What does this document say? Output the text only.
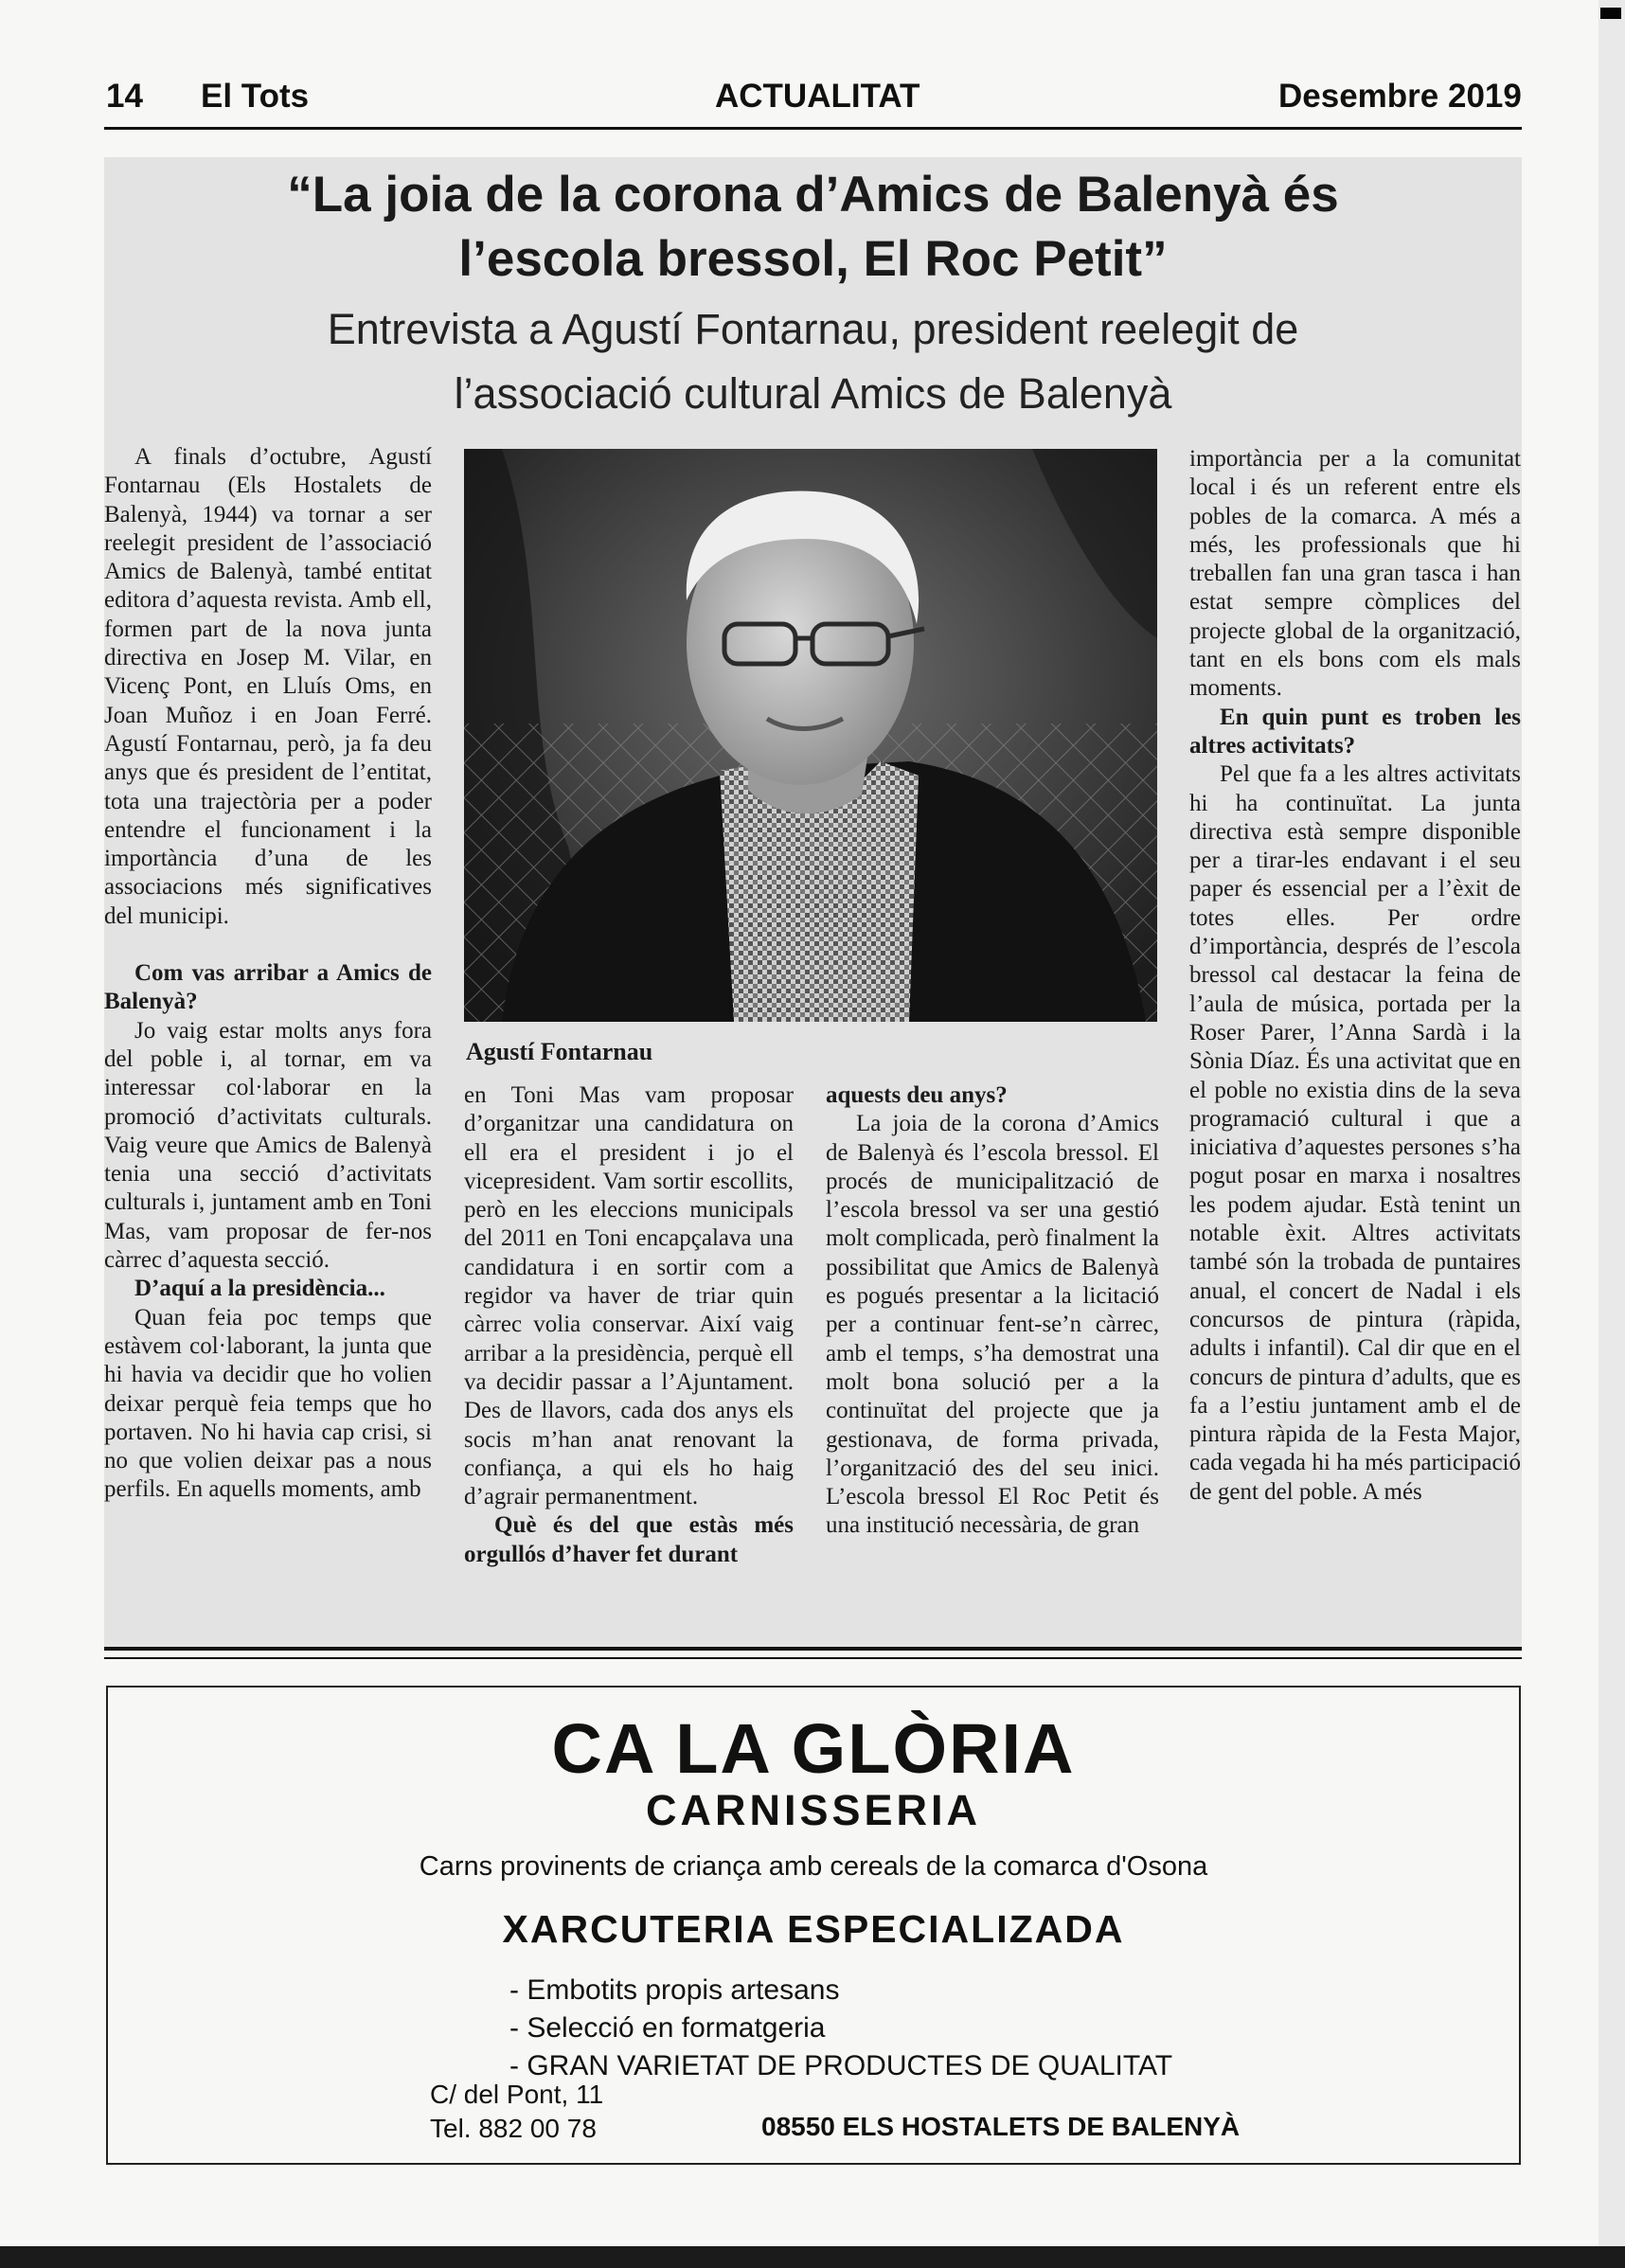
14 El Tots	ACTUALITAT	Desembre 2019
“La joia de la corona d’Amics de Balenyà és
l’escola bressol, El Roc Petit”
Entrevista a Agustí Fontarnau, president reelegit de
l’associació cultural Amics de Balenyà

A finals d’octubre, Agustí Fontarnau (Els Hostalets de Balenyà, 1944) va tornar a ser reelegit president de l’associació Amics de Balenyà, també entitat editora d’aquesta revista. Amb ell, formen part de la nova junta directiva en Josep M. Vilar, en Vicenç Pont, en Lluís Oms, en Joan Muñoz i en Joan Ferré. Agustí Fontarnau, però, ja fa deu anys que és president de l’entitat, tota una trajectòria per a poder entendre el funcionament i la importància d’una de les associacions més significatives del municipi.

Com vas arribar a Amics de Balenyà?

Jo vaig estar molts anys fora del poble i, al tornar, em va interessar col·laborar en la promoció d’activitats culturals. Vaig veure que Amics de Balenyà tenia una secció d’activitats culturals i, juntament amb en Toni Mas, vam proposar de fer-nos càrrec d’aquesta secció.

D’aquí a la presidència...

Quan feia poc temps que estàvem col·laborant, la junta que hi havia va decidir que ho volien deixar perquè feia temps que ho portaven. No hi havia cap crisi, si no que volien deixar pas a nous perfils. En aquells moments, amb

Agustí Fontarnau

en Toni Mas vam proposar d’organitzar una candidatura on ell era el president i jo el vicepresident. Vam sortir escollits, però en les eleccions municipals del 2011 en Toni encapçalava una candidatura i en sortir com a regidor va haver de triar quin càrrec volia conservar. Així vaig arribar a la presidència, perquè ell va decidir passar a l’Ajuntament. Des de llavors, cada dos anys els socis m’han anat renovant la confiança, a qui els ho haig d’agrair permanentment.

Què és del que estàs més orgullós d’haver fet durant

aquests deu anys?

La joia de la corona d’Amics de Balenyà és l’escola bressol. El procés de municipalització de l’escola bressol va ser una gestió molt complicada, però finalment la possibilitat que Amics de Balenyà es pogués presentar a la licitació per a continuar fent-se’n càrrec, amb el temps, s’ha demostrat una molt bona solució per a la continuïtat del projecte que ja gestionava, de forma privada, l’organització des del seu inici. L’escola bressol El Roc Petit és una institució necessària, de gran

importància per a la comunitat local i és un referent entre els pobles de la comarca. A més a més, les professionals que hi treballen fan una gran tasca i han estat sempre còmplices del projecte global de la organització, tant en els bons com els mals moments.

En quin punt es troben les altres activitats?

Pel que fa a les altres activitats hi ha continuïtat. La junta directiva està sempre disponible per a tirar-les endavant i el seu paper és essencial per a l’èxit de totes elles. Per ordre d’importància, després de l’escola bressol cal destacar la feina de l’aula de música, portada per la Roser Parer, l’Anna Sardà i la Sònia Díaz. És una activitat que en el poble no existia dins de la seva programació cultural i que a iniciativa d’aquestes persones s’ha pogut posar en marxa i nosaltres les podem ajudar. Està tenint un notable èxit. Altres activitats també són la trobada de puntaires anual, el concert de Nadal i els concursos de pintura (ràpida, adults i infantil). Cal dir que en el concurs de pintura d’adults, que es fa a l’estiu juntament amb el de pintura ràpida de la Festa Major, cada vegada hi ha més participació de gent del poble. A més

CA LA GLÒRIA
CARNISSERIA
Carns provinents de criança amb cereals de la comarca d'Osona
XARCUTERIA ESPECIALIZADA
- Embotits propis artesans
- Selecció en formatgeria
- GRAN VARIETAT DE PRODUCTES DE QUALITAT
C/ del Pont, 11
Tel. 882 00 78	08550 ELS HOSTALETS DE BALENYÀ
